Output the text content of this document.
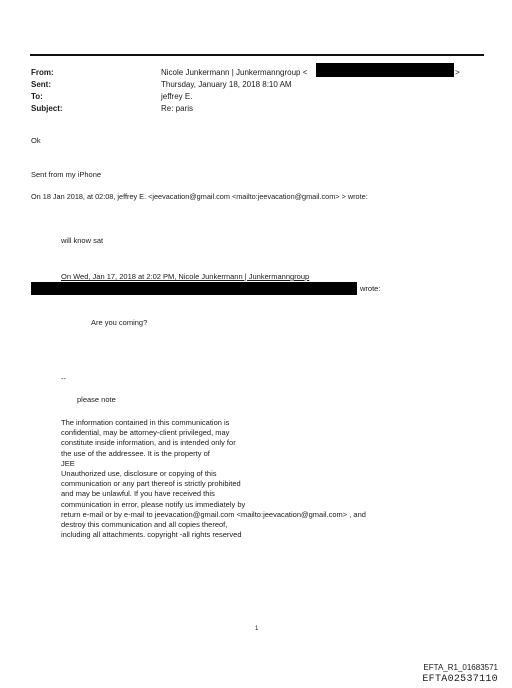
From:
Sent:
To:
Subject:
Nicole Junkermann | Junkermanngroup <	>
Thursday, January 18, 2018 8:10 AM
jeffrey E.
Re: paris
Ok
Sent from my iPhone
On 18 Jan 2018, at 02:08, jeffrey E. <jeevacation@gmail.com <mailto:jeevacation@gmail.com> > wrote:
will know sat
On Wed, Jan 17, 2018 at 2:02 PM, Nicole Junkermann | Junkermanngroup
wrote:
Are you coming?
--
please note
The information contained in this communication is
confidential, may be attorney-client privileged, may
constitute inside information, and is intended only for
the use of the addressee. It is the property of
JEE
Unauthorized use, disclosure or copying of this
communication or any part thereof is strictly prohibited
and may be unlawful. If you have received this
communication in error, please notify us immediately by
return e-mail or by e-mail to jeevacation@gmail.com <mailto:jeevacation@gmail.com> , and
destroy this communication and all copies thereof,
including all attachments. copyright -all rights reserved
1
EFTA_R1_01683571
EFTA02537110
